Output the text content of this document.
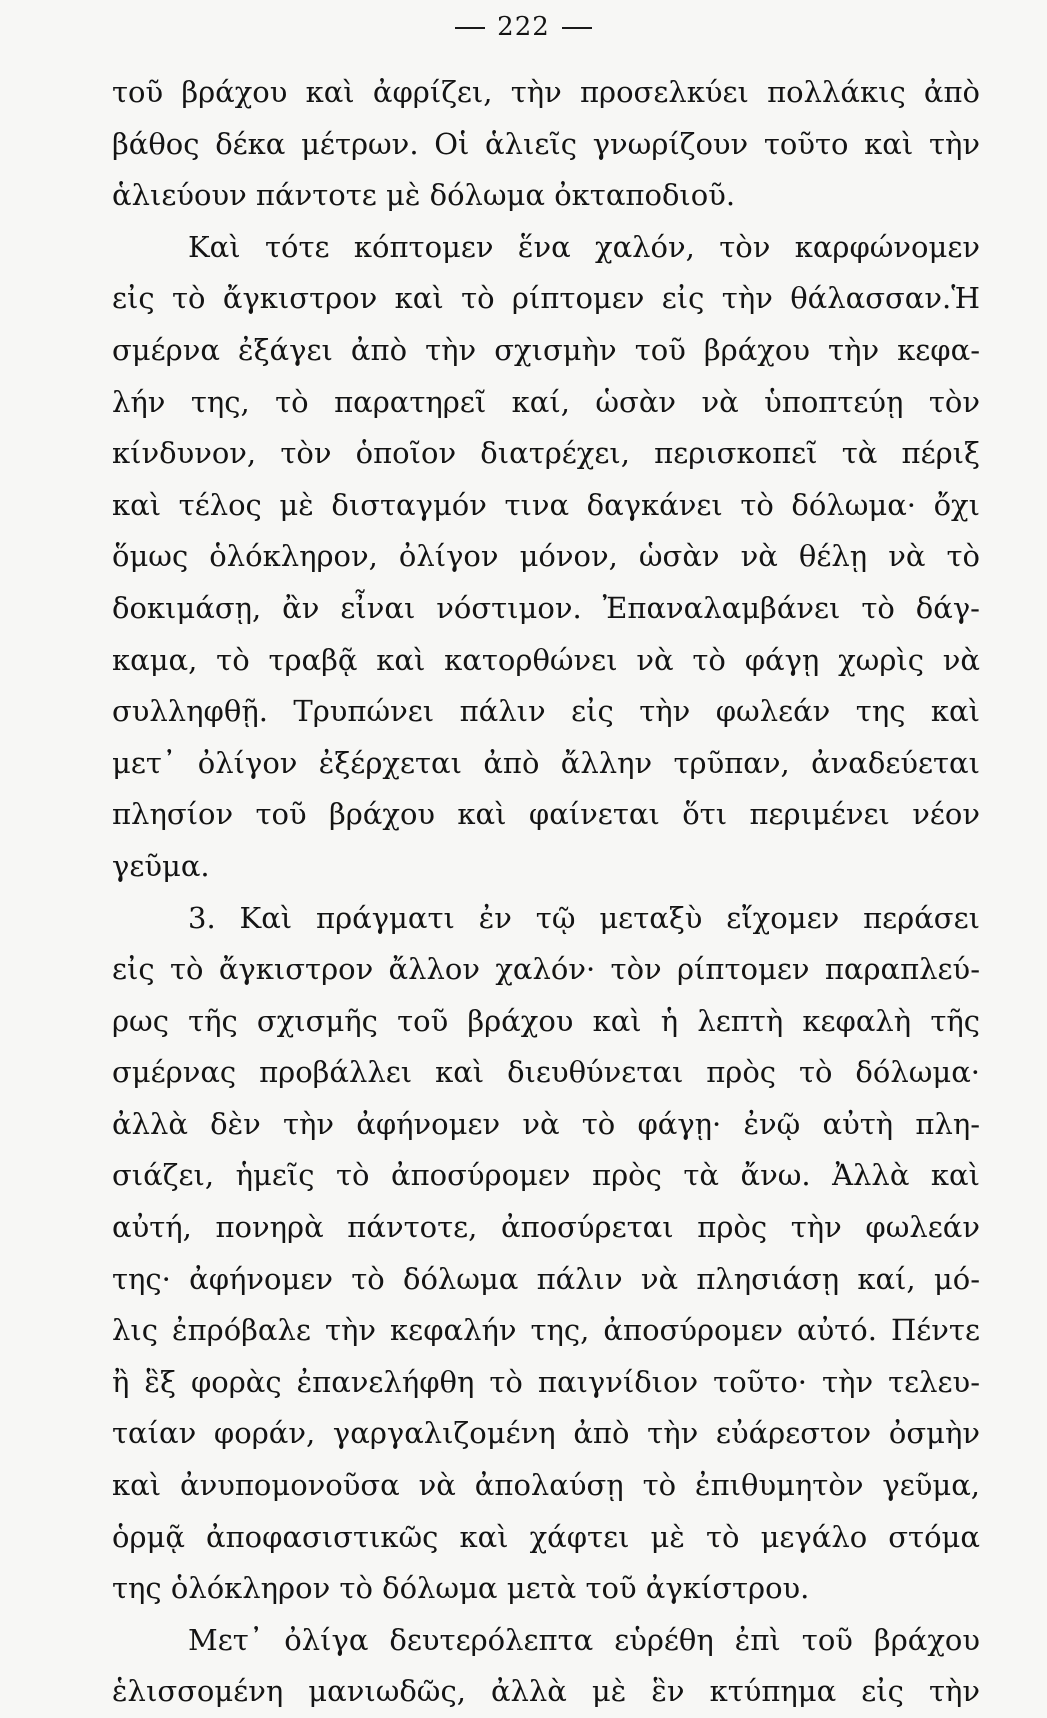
222
τοῦ βράχου καὶ ἀφρίζει, τὴν προσελκύει πολλάκις ἀπὸ
βάθος δέκα μέτρων. Οἱ ἁλιεῖς γνωρίζουν τοῦτο καὶ τὴν
ἁλιεύουν πάντοτε μὲ δόλωμα ὀκταποδιοῦ.
Καὶ τότε κόπτομεν ἕνα χαλόν, τὸν καρφώνομεν
εἰς τὸ ἄγκιστρον καὶ τὸ ρίπτομεν εἰς τὴν θάλασσαν.Ἡ
σμέρνα ἐξάγει ἀπὸ τὴν σχισμὴν τοῦ βράχου τὴν κεφα-
λήν της, τὸ παρατηρεῖ καί, ὡσὰν νὰ ὑποπτεύῃ τὸν
κίνδυνον, τὸν ὁποῖον διατρέχει, περισκοπεῖ τὰ πέριξ
καὶ τέλος μὲ δισταγμόν τινα δαγκάνει τὸ δόλωμα· ὄχι
ὅμως ὁλόκληρον, ὀλίγον μόνον, ὡσὰν νὰ θέλῃ νὰ τὸ
δοκιμάσῃ, ἂν εἶναι νόστιμον. Ἐπαναλαμβάνει τὸ δάγ-
καμα, τὸ τραβᾷ καὶ κατορθώνει νὰ τὸ φάγῃ χωρὶς νὰ
συλληφθῇ. Τρυπώνει πάλιν εἰς τὴν φωλεάν της καὶ
μετ᾽ ὀλίγον ἐξέρχεται ἀπὸ ἄλλην τρῦπαν, ἀναδεύεται
πλησίον τοῦ βράχου καὶ φαίνεται ὅτι περιμένει νέον
γεῦμα.
3. Καὶ πράγματι ἐν τῷ μεταξὺ εἴχομεν περάσει
εἰς τὸ ἄγκιστρον ἄλλον χαλόν· τὸν ρίπτομεν παραπλεύ-
ρως τῆς σχισμῆς τοῦ βράχου καὶ ἡ λεπτὴ κεφαλὴ τῆς
σμέρνας προβάλλει καὶ διευθύνεται πρὸς τὸ δόλωμα·
ἀλλὰ δὲν τὴν ἀφήνομεν νὰ τὸ φάγῃ· ἐνῷ αὐτὴ πλη-
σιάζει, ἡμεῖς τὸ ἀποσύρομεν πρὸς τὰ ἄνω. Ἀλλὰ καὶ
αὐτή, πονηρὰ πάντοτε, ἀποσύρεται πρὸς τὴν φωλεάν
της· ἀφήνομεν τὸ δόλωμα πάλιν νὰ πλησιάσῃ καί, μό-
λις ἐπρόβαλε τὴν κεφαλήν της, ἀποσύρομεν αὐτό. Πέντε
ἢ ἓξ φορὰς ἐπανελήφθη τὸ παιγνίδιον τοῦτο· τὴν τελευ-
ταίαν φοράν, γαργαλιζομένη ἀπὸ τὴν εὐάρεστον ὀσμὴν
καὶ ἀνυπομονοῦσα νὰ ἀπολαύσῃ τὸ ἐπιθυμητὸν γεῦμα,
ὁρμᾷ ἀποφασιστικῶς καὶ χάφτει μὲ τὸ μεγάλο στόμα
της ὁλόκληρον τὸ δόλωμα μετὰ τοῦ ἀγκίστρου.
Μετ᾽ ὀλίγα δευτερόλεπτα εὑρέθη ἐπὶ τοῦ βράχου
ἑλισσομένη μανιωδῶς, ἀλλὰ μὲ ἓν κτύπημα εἰς τὴν
